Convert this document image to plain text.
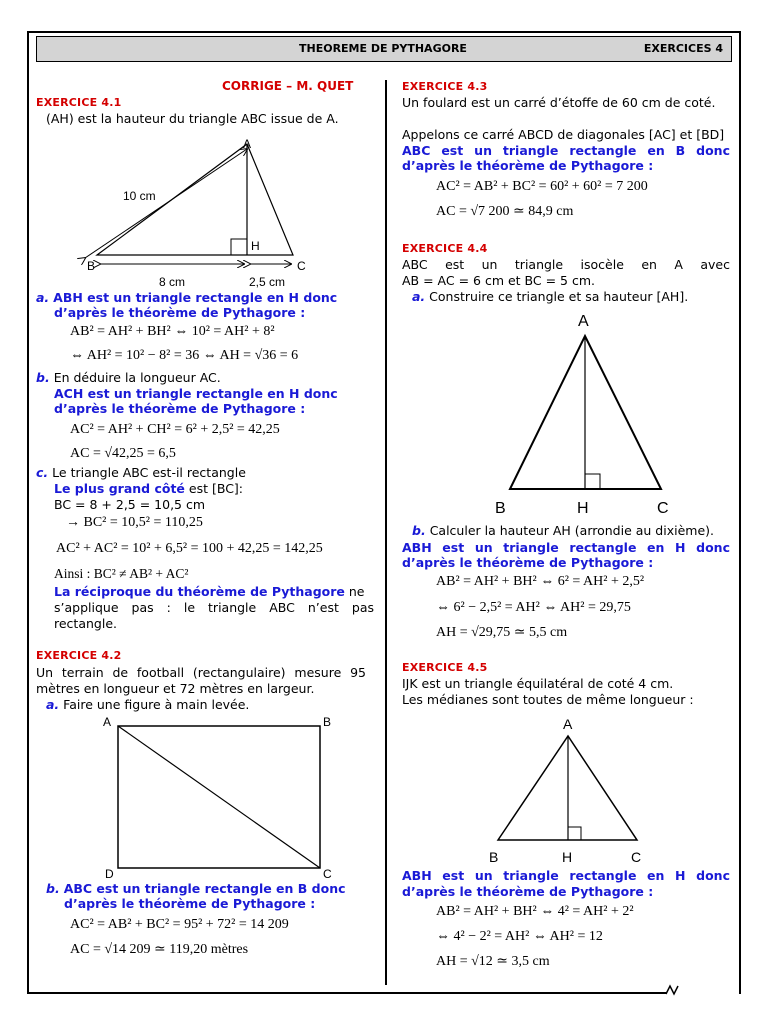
THEOREME DE PYTHAGORE	EXERCICES 4
CORRIGE – M. QUET
EXERCICE 4.1
(AH) est la hauteur du triangle ABC issue de A.
A
B	C
H
10 cm
8 cm	2,5 cm
a. ABH est un triangle rectangle en H donc
d’après le théorème de Pythagore :
AB² = AH² + BH² ⇔ 10² = AH² + 8²
⇔ AH² = 10² − 8² = 36 ⇔ AH = √36 = 6
b. En déduire la longueur AC.
ACH est un triangle rectangle en H donc
d’après le théorème de Pythagore :
AC² = AH² + CH² = 6² + 2,5² = 42,25
AC = √42,25 = 6,5
c. Le triangle ABC est-il rectangle
Le plus grand côté est [BC]:
BC = 8 + 2,5 = 10,5 cm
→ BC² = 10,5² = 110,25
AC² + AC² = 10² + 6,5² = 100 + 42,25 = 142,25
Ainsi : BC² ≠ AB² + AC²
La réciproque du théorème de Pythagore ne
s’applique pas : le triangle ABC n’est pas
rectangle.
EXERCICE 4.2
Un terrain de football (rectangulaire) mesure 95
mètres en longueur et 72 mètres en largeur.
a. Faire une figure à main levée.
A	B
C
D
b. ABC est un triangle rectangle en B donc
d’après le théorème de Pythagore :
AC² = AB² + BC² = 95² + 72² = 14 209
AC = √14 209 ≃ 119,20 mètres
EXERCICE 4.3
Un foulard est un carré d’étoffe de 60 cm de coté.
Appelons ce carré ABCD de diagonales [AC] et [BD]
ABC est un triangle rectangle en B donc
d’après le théorème de Pythagore :
AC² = AB² + BC² = 60² + 60² = 7 200
AC = √7 200 ≃ 84,9 cm
EXERCICE 4.4
ABC est un triangle isocèle en A avec
AB = AC = 6 cm et BC = 5 cm.
a. Construire ce triangle et sa hauteur [AH].
A
B	H	C
b. Calculer la hauteur AH (arrondie au dixième).
ABH est un triangle rectangle en H donc
d’après le théorème de Pythagore :
AB² = AH² + BH² ⇔ 6² = AH² + 2,5²
⇔ 6² − 2,5² = AH² ⇔ AH² = 29,75
AH = √29,75 ≃ 5,5 cm
EXERCICE 4.5
IJK est un triangle équilatéral de coté 4 cm.
Les médianes sont toutes de même longueur :
A
B	H	C
ABH est un triangle rectangle en H donc
d’après le théorème de Pythagore :
AB² = AH² + BH² ⇔ 4² = AH² + 2²
⇔ 4² − 2² = AH² ⇔ AH² = 12
AH = √12 ≃ 3,5 cm
